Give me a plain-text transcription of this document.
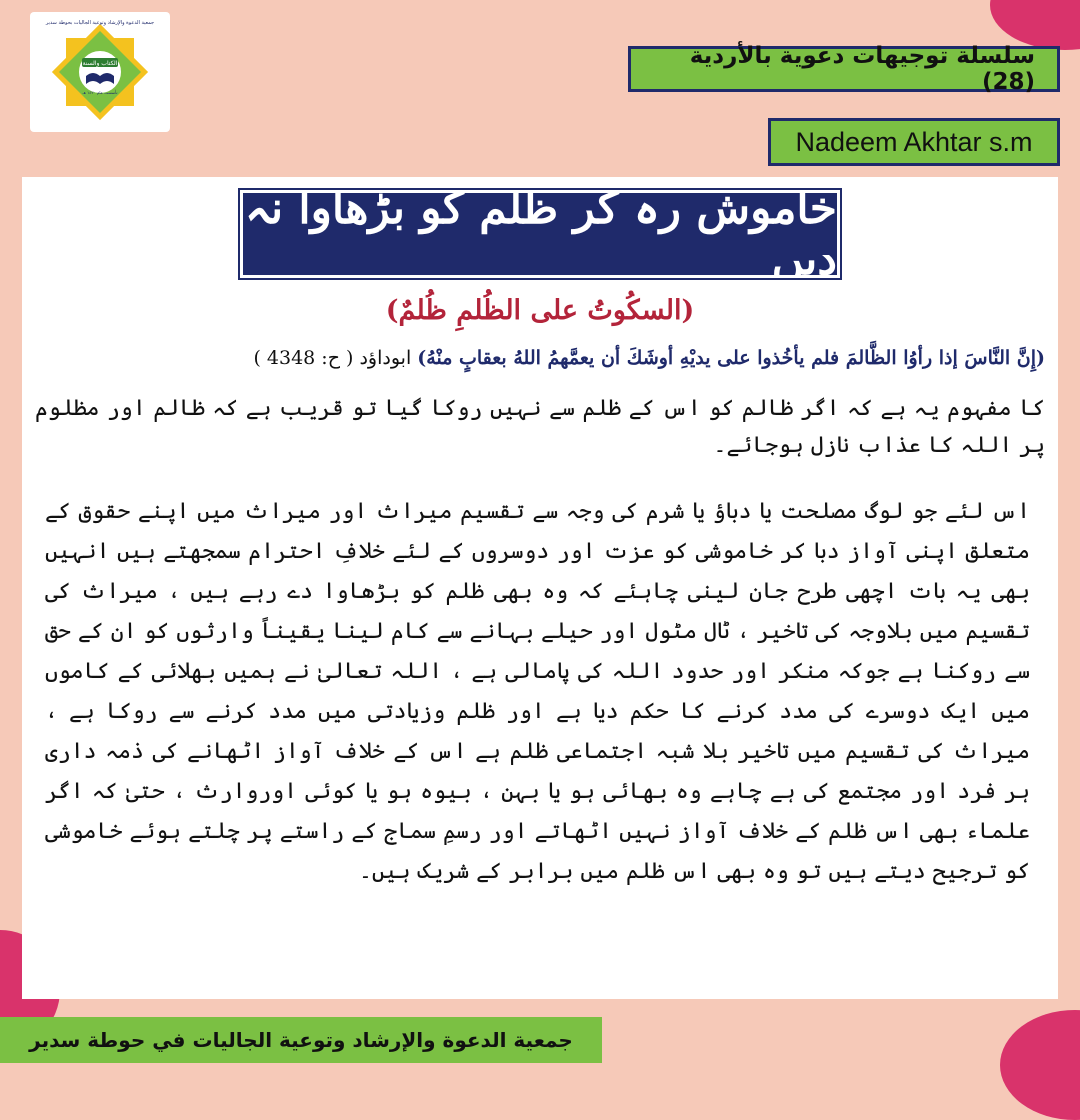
الكتاب والسنة
تأسست عام ١٤٢٠ هـ
جمعية الدعوة والإرشاد وتوعية الجاليات بحوطة سدير
سلسلة توجيهات دعوية بالأردية (28)
Nadeem Akhtar s.m
خاموش رہ کر ظلم کو بڑھاوا نہ دیں
(السكُوتُ على الظُلمِ ظُلمٌ)
(إِنَّ النَّاسَ إذا رأوُا الظَّالمَ فلم يأخُذوا على يديْهِ أوشَكَ أن يعمَّهمُ اللهُ بعقابٍ منْهُ) ابوداؤد ( ح: 4348 )
کا مفہوم یہ ہے کہ اگر ظالم کو اس کے ظلم سے نہیں روکا گیا تو قریب ہے کہ ظالم اور مظلوم پر اللہ کا عذاب نازل ہوجائے۔
اس لئے جو لوگ مصلحت یا دباؤ یا شرم کی وجہ سے تقسیم میراث اور میراث میں اپنے حقوق کے متعلق اپنی آواز دبا کر خاموشی کو عزت اور دوسروں کے لئے خلافِ احترام سمجھتے ہیں انہیں بھی یہ بات اچھی طرح جان لینی چاہئے کہ وہ بھی ظلم کو بڑھاوا دے رہے ہیں ، میراث کی تقسیم میں بلاوجہ کی تاخیر ، ٹال مٹول اور حیلے بہانے سے کام لینا یقیناً وارثوں کو ان کے حق سے روکنا ہے جوکہ منکر اور حدود اللہ کی پامالی ہے ، اللہ تعالیٰ نے ہمیں بھلائی کے کاموں میں ایک دوسرے کی مدد کرنے کا حکم دیا ہے اور ظلم وزیادتی میں مدد کرنے سے روکا ہے ، میراث کی تقسیم میں تاخیر بلا شبہ اجتماعی ظلم ہے اس کے خلاف آواز اٹھانے کی ذمہ داری ہر فرد اور مجتمع کی ہے چاہے وہ بھائی ہو یا بہن ، بیوہ ہو یا کوئی اوروارث ، حتیٰ کہ اگر علماء بھی اس ظلم کے خلاف آواز نہیں اٹھاتے اور رسمِ سماج کے راستے پر چلتے ہوئے خاموشی کو ترجیح دیتے ہیں تو وہ بھی اس ظلم میں برابر کے شریک ہیں۔
جمعية الدعوة والإرشاد وتوعية الجاليات في حوطة سدير
